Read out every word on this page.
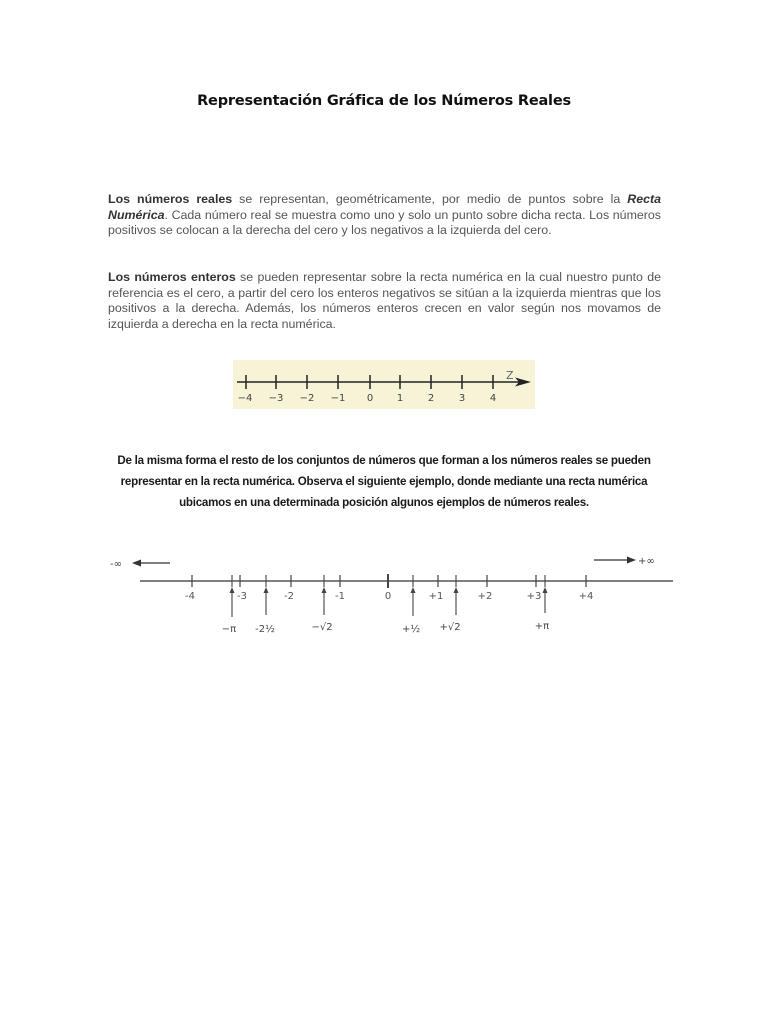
Representación Gráfica de los Números Reales
Los números reales se representan, geométricamente, por medio de puntos sobre la Recta Numérica. Cada número real se muestra como uno y solo un punto sobre dicha recta. Los números positivos se colocan a la derecha del cero y los negativos a la izquierda del cero.
Los números enteros se pueden representar sobre la recta numérica en la cual nuestro punto de referencia es el cero, a partir del cero los enteros negativos se sitúan a la izquierda mientras que los positivos a la derecha. Además, los números enteros crecen en valor según nos movamos de izquierda a derecha en la recta numérica.
Z
−4 −3 −2 −1 0 1 2 3 4
De la misma forma el resto de los conjuntos de números que forman a los números reales se pueden representar en la recta numérica. Observa el siguiente ejemplo, donde mediante una recta numérica ubicamos en una determinada posición algunos ejemplos de números reales.
-∞	+∞
-4	-3	-2	-1	0	+1	+2	+3	+4
−π -2½	−√2	+½ +√2	+π
